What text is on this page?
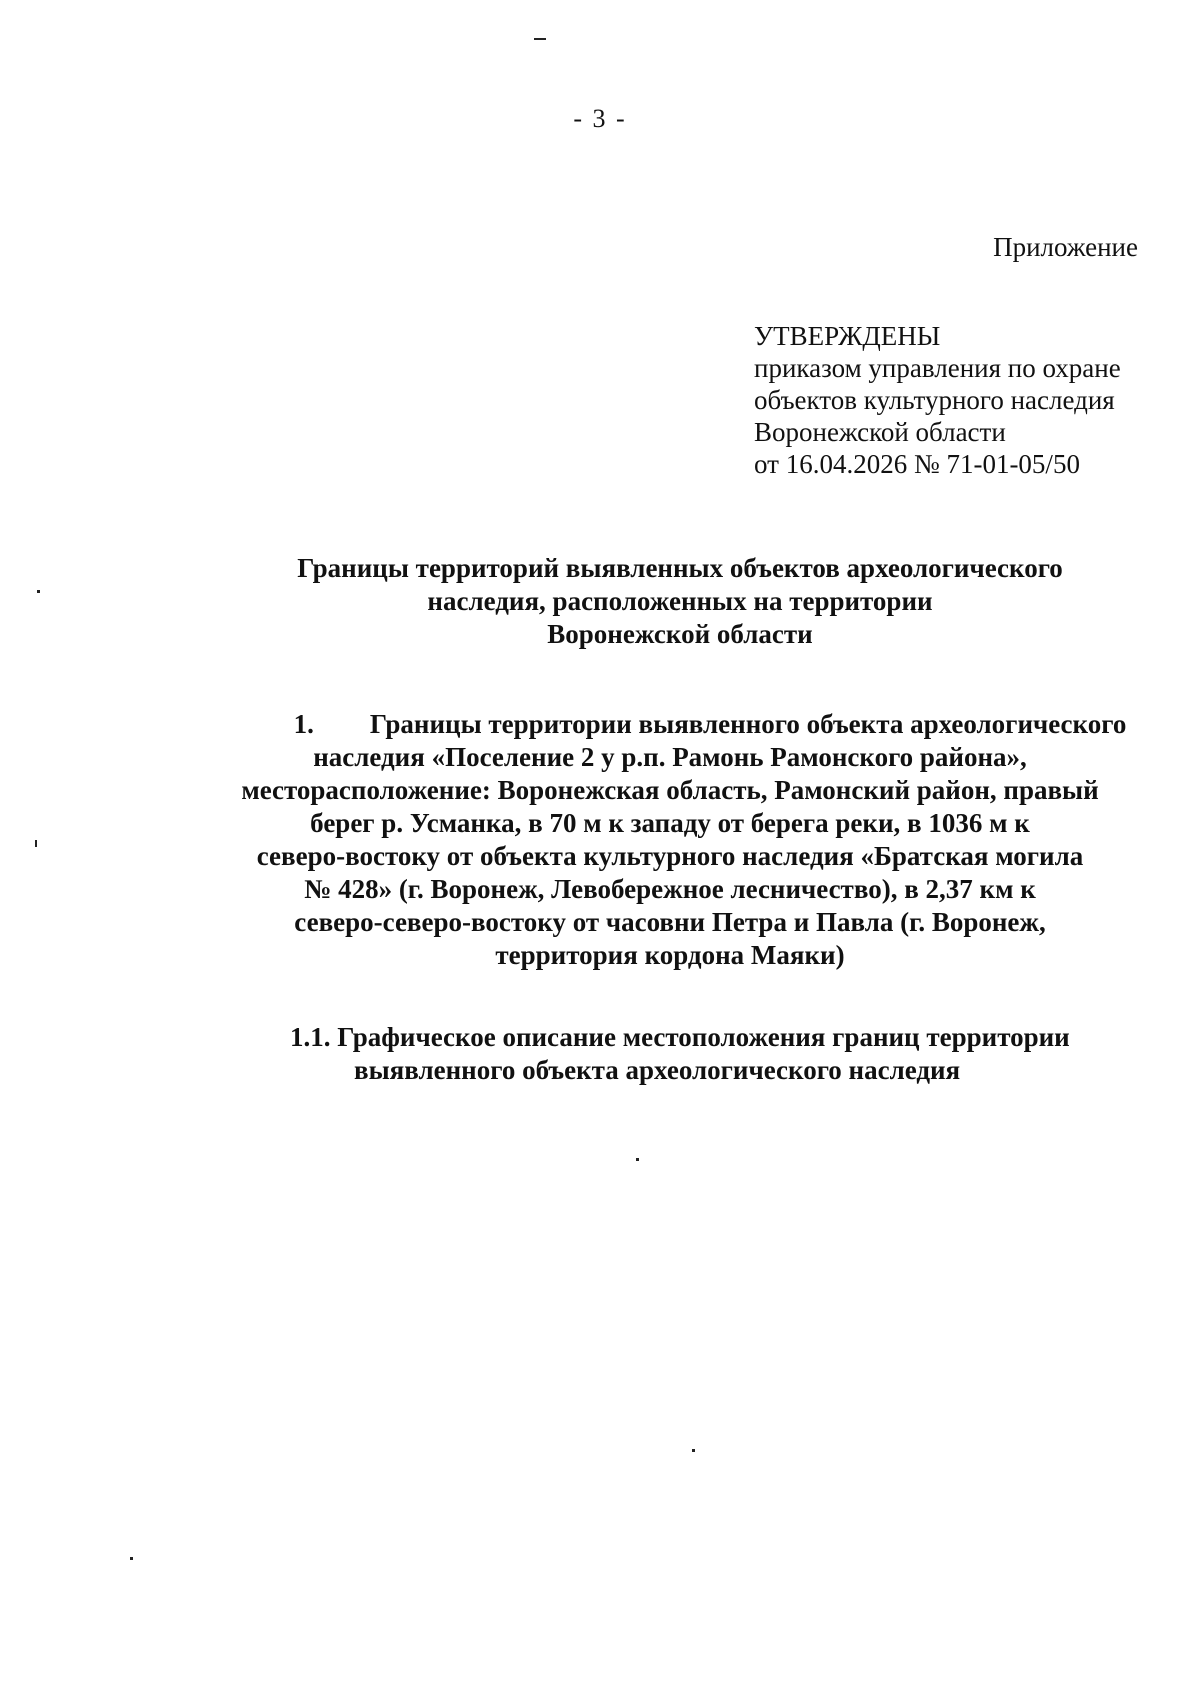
- 3 -
Приложение
УТВЕРЖДЕНЫ
приказом управления по охране
объектов культурного наследия
Воронежской области
от 16.04.2026 № 71-01-05/50
Границы территорий выявленных объектов археологического
наследия, расположенных на территории
Воронежской области
1. Границы территории выявленного объекта археологического
наследия «Поселение 2 у р.п. Рамонь Рамонского района»,
месторасположение: Воронежская область, Рамонский район, правый
берег р. Усманка, в 70 м к западу от берега реки, в 1036 м к
северо-востоку от объекта культурного наследия «Братская могила
№ 428» (г. Воронеж, Левобережное лесничество), в 2,37 км к
северо-северо-востоку от часовни Петра и Павла (г. Воронеж,
территория кордона Маяки)
1.1. Графическое описание местоположения границ территории
выявленного объекта археологического наследия
